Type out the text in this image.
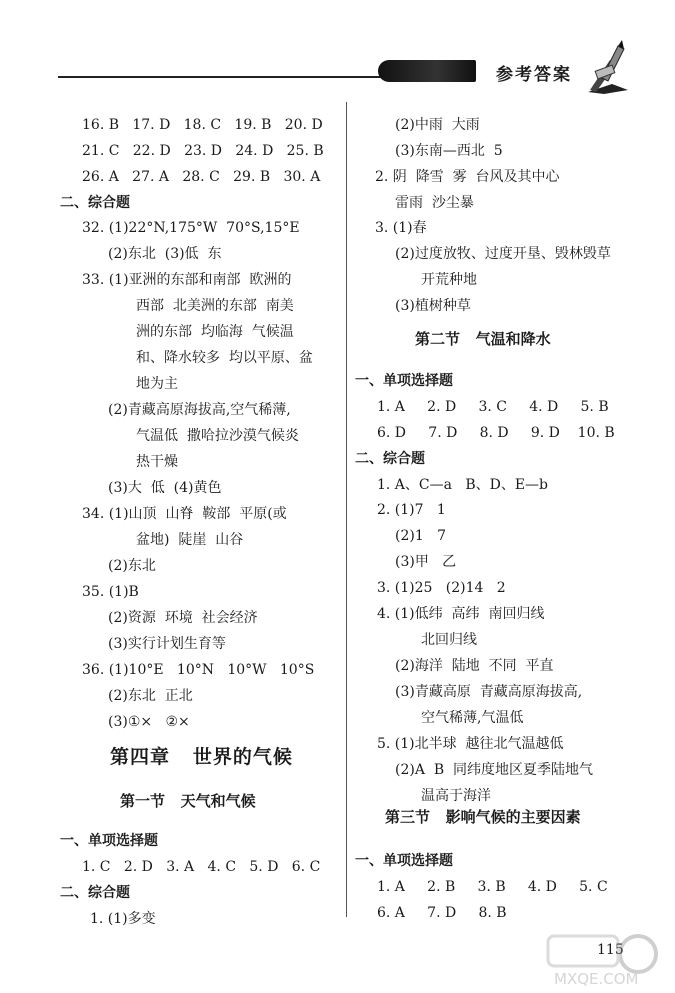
参考答案
16. B   17. D   18. C   19. B   20. D
21. C   22. D   23. D   24. D   25. B
26. A   27. A   28. C   29. B   30. A
二、综合题
32. (1)22°N,175°W  70°S,15°E
(2)东北  (3)低  东
33. (1)亚洲的东部和南部  欧洲的
西部  北美洲的东部  南美
洲的东部  均临海  气候温
和、降水较多  均以平原、盆
地为主
(2)青藏高原海拔高,空气稀薄,
气温低  撒哈拉沙漠气候炎
热干燥
(3)大  低  (4)黄色
34. (1)山顶  山脊  鞍部  平原(或
盆地)  陡崖  山谷
(2)东北
35. (1)B
(2)资源  环境  社会经济
(3)实行计划生育等
36. (1)10°E   10°N   10°W   10°S
(2)东北  正北
(3)①×   ②×
第四章   世界的气候
第一节   天气和气候
一、单项选择题
1. C   2. D   3. A   4. C   5. D   6. C
二、综合题
1. (1)多变
(2)中雨  大雨
(3)东南—西北  5
2. 阴  降雪  雾  台风及其中心
雷雨  沙尘暴
3. (1)春
(2)过度放牧、过度开垦、毁林毁草
开荒种地
(3)植树种草
第二节   气温和降水
一、单项选择题
1. A     2. D     3. C     4. D     5. B
6. D     7. D     8. D     9. D    10. B
二、综合题
1. A、C—a   B、D、E—b
2. (1)7   1
(2)1   7
(3)甲   乙
3. (1)25   (2)14   2
4. (1)低纬  高纬  南回归线
北回归线
(2)海洋  陆地  不同  平直
(3)青藏高原  青藏高原海拔高,
空气稀薄,气温低
5. (1)北半球  越往北气温越低
(2)A  B  同纬度地区夏季陆地气
温高于海洋
第三节   影响气候的主要因素
一、单项选择题
1. A     2. B     3. B     4. D     5. C
6. A     7. D     8. B
115
MXQE.COM
